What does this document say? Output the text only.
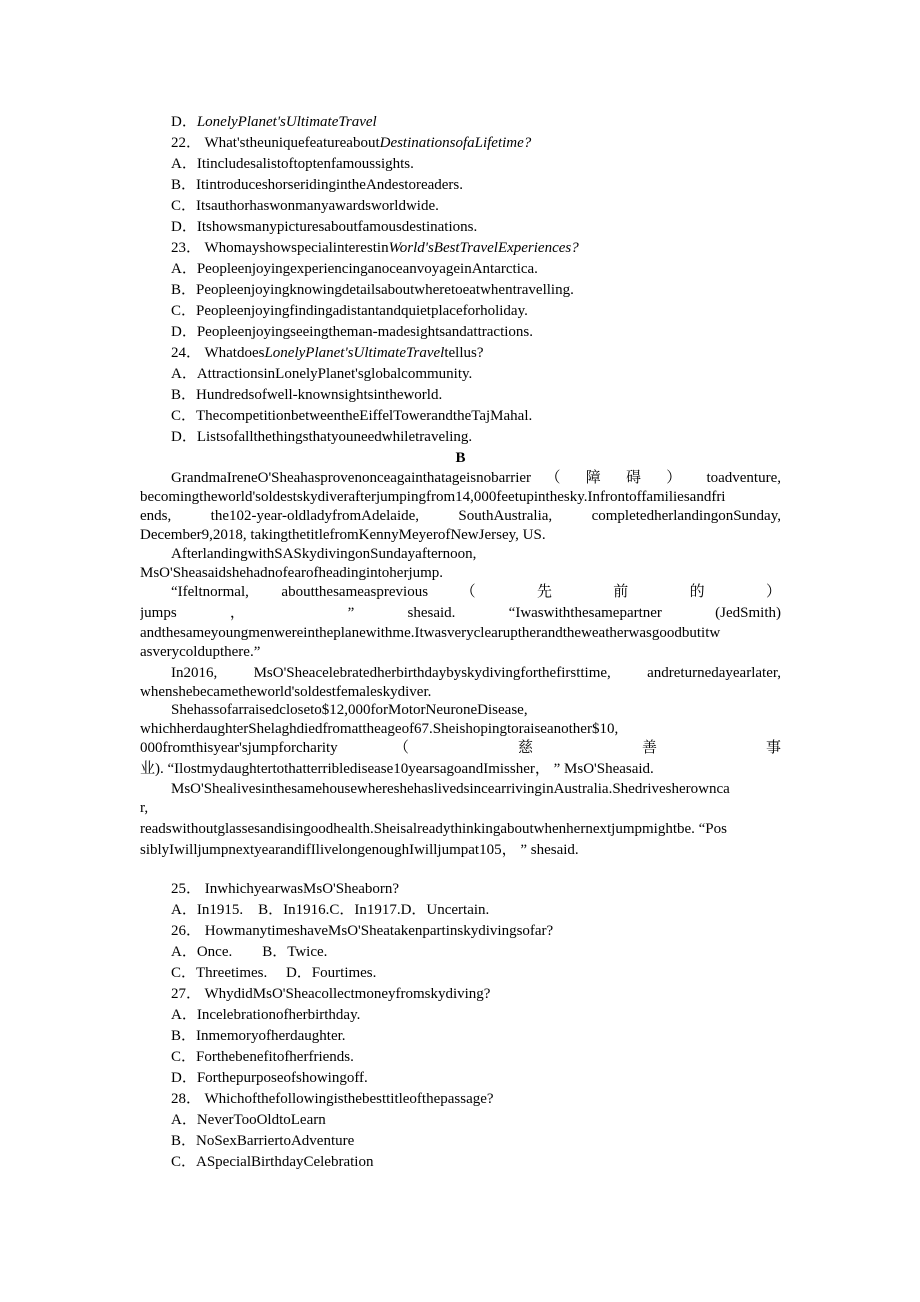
D．LonelyPlanet'sUltimateTravel
22． What'stheuniquefeatureaboutDestinationsofaLifetime?
A．Itincludesalistoftoptenfamoussights.
B．ItintroduceshorseridingintheAndestoreaders.
C．Itsauthorhaswonmanyawardsworldwide.
D．Itshowsmanypicturesaboutfamousdestinations.
23． WhomayshowspecialinterestinWorld'sBestTravelExperiences?
A．PeopleenjoyingexperiencinganoceanvoyageinAntarctica.
B．Peopleenjoyingknowingdetailsaboutwheretoeatwhentravelling.
C．Peopleenjoyingfindingadistantandquietplaceforholiday.
D．Peopleenjoyingseeingtheman-madesightsandattractions.
24． WhatdoesLonelyPlanet'sUltimateTraveltellus?
A．AttractionsinLonelyPlanet'sglobalcommunity.
B．Hundredsofwell-knownsightsintheworld.
C．ThecompetitionbetweentheEiffelTowerandtheTajMahal.
D．Listsofallthethingsthatyouneedwhiletraveling.
B
GrandmaIreneO'Sheahasprovenonceagainthatageisnobarrier （ 障 碍 ） toadventure,
becomingtheworld'soldestskydiverafterjumpingfrom14,000feetupinthesky.Infrontoffamiliesandfri
ends, the102-year-oldladyfromAdelaide, SouthAustralia, completedherlandingonSunday,
December9,2018, takingthetitlefromKennyMeyerofNewJersey, US.
AfterlandingwithSASkydivingonSundayafternoon,
MsO'Sheasaidshehadnofearofheadingintoherjump.
“Ifeltnormal, aboutthesameasprevious （ 先 前 的 ）
jumps ， ” shesaid. “Iwaswiththesamepartner (JedSmith)
andthesameyoungmenwereintheplanewithme.Itwasveryclearuptherandtheweatherwasgoodbutitw
asverycoldupthere.”
In2016, MsO'Sheacelebratedherbirthdaybyskydivingforthefirsttime, andreturnedayearlater,
whenshebecametheworld'soldestfemaleskydiver.
Shehassofarraisedcloseto$12,000forMotorNeuroneDisease,
whichherdaughterShelaghdiedfromattheageof67.Sheishopingtoraiseanother$10,
000fromthisyear'sjumpforcharity （ 慈 善 事
业). “Ilostmydaughtertothatterribledisease10yearsagoandImissher， ” MsO'Sheasaid.
MsO'ShealivesinthesamehousewhereshehaslivedsincearrivinginAustralia.Shedrivesherownca
r,
readswithoutglassesandisingoodhealth.Sheisalreadythinkingaboutwhenhernextjumpmightbe. “Pos
siblyIwilljumpnextyearandifIlivelongenoughIwilljumpat105， ” shesaid.
25． InwhichyearwasMsO'Sheaborn?
A．In1915.　B．In1916.C．In1917.D．Uncertain.
26． HowmanytimeshaveMsO'Sheatakenpartinskydivingsofar?
A．Once.　　B．Twice.
C．Threetimes.　 D．Fourtimes.
27． WhydidMsO'Sheacollectmoneyfromskydiving?
A．Incelebrationofherbirthday.
B．Inmemoryofherdaughter.
C．Forthebenefitofherfriends.
D．Forthepurposeofshowingoff.
28． Whichofthefollowingisthebesttitleofthepassage?
A．NeverTooOldtoLearn
B．NoSexBarriertoAdventure
C．ASpecialBirthdayCelebration
